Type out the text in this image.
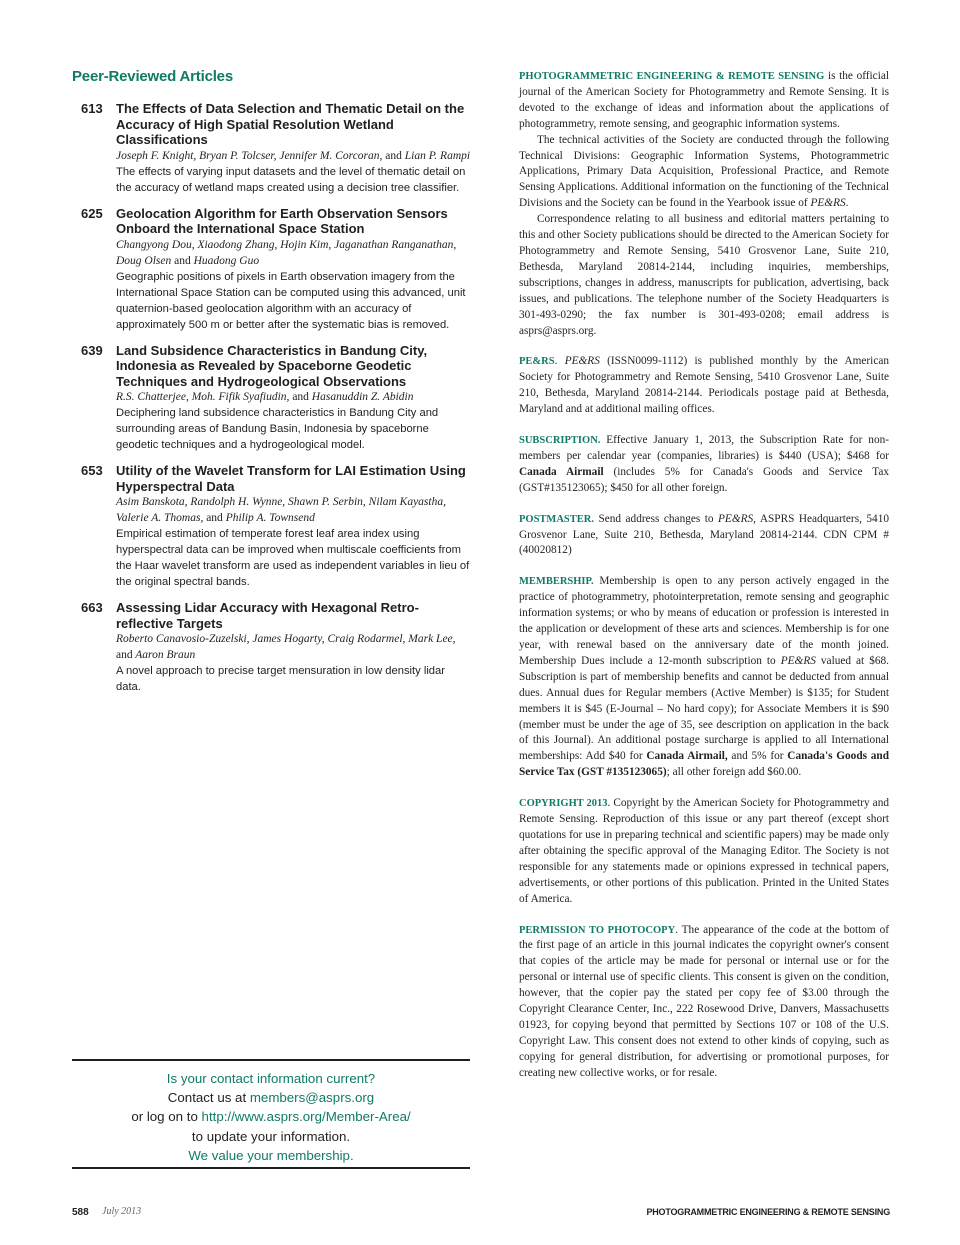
Peer-Reviewed Articles
613 The Effects of Data Selection and Thematic Detail on the Accuracy of High Spatial Resolution Wetland Classifications
Joseph F. Knight, Bryan P. Tolcser, Jennifer M. Corcoran, and Lian P. Rampi
The effects of varying input datasets and the level of thematic detail on the accuracy of wetland maps created using a decision tree classifier.
625 Geolocation Algorithm for Earth Observation Sensors Onboard the International Space Station
Changyong Dou, Xiaodong Zhang, Hojin Kim, Jaganathan Ranganathan, Doug Olsen and Huadong Guo
Geographic positions of pixels in Earth observation imagery from the International Space Station can be computed using this advanced, unit quaternion-based geolocation algorithm with an accuracy of approximately 500 m or better after the systematic bias is removed.
639 Land Subsidence Characteristics in Bandung City, Indonesia as Revealed by Spaceborne Geodetic Techniques and Hydrogeological Observations
R.S. Chatterjee, Moh. Fifik Syafiudin, and Hasanuddin Z. Abidin
Deciphering land subsidence characteristics in Bandung City and surrounding areas of Bandung Basin, Indonesia by spaceborne geodetic techniques and a hydrogeological model.
653 Utility of the Wavelet Transform for LAI Estimation Using Hyperspectral Data
Asim Banskota, Randolph H. Wynne, Shawn P. Serbin, Nilam Kayastha, Valerie A. Thomas, and Philip A. Townsend
Empirical estimation of temperate forest leaf area index using hyperspectral data can be improved when multiscale coefficients from the Haar wavelet transform are used as independent variables in lieu of the original spectral bands.
663 Assessing Lidar Accuracy with Hexagonal Retro-reflective Targets
Roberto Canavosio-Zuzelski, James Hogarty, Craig Rodarmel, Mark Lee, and Aaron Braun
A novel approach to precise target mensuration in low density lidar data.
Is your contact information current?
Contact us at members@asprs.org
or log on to http://www.asprs.org/Member-Area/
to update your information.
We value your membership.

PHOTOGRAMMETRIC ENGINEERING & REMOTE SENSING is the official journal of the American Society for Photogrammetry and Remote Sensing. It is devoted to the exchange of ideas and information about the applications of photogrammetry, remote sensing, and geographic information systems.

The technical activities of the Society are conducted through the following Technical Divisions: Geographic Information Systems, Photogrammetric Applications, Primary Data Acquisition, Professional Practice, and Remote Sensing Applications. Additional information on the functioning of the Technical Divisions and the Society can be found in the Yearbook issue of PE&RS.

Correspondence relating to all business and editorial matters pertaining to this and other Society publications should be directed to the American Society for Photogrammetry and Remote Sensing, 5410 Grosvenor Lane, Suite 210, Bethesda, Maryland 20814-2144, including inquiries, memberships, subscriptions, changes in address, manuscripts for publication, advertising, back issues, and publications. The telephone number of the Society Headquarters is 301-493-0290; the fax number is 301-493-0208; email address is asprs@asprs.org.

PE&RS. PE&RS (ISSN0099-1112) is published monthly by the American Society for Photogrammetry and Remote Sensing, 5410 Grosvenor Lane, Suite 210, Bethesda, Maryland 20814-2144. Periodicals postage paid at Bethesda, Maryland and at additional mailing offices.

SUBSCRIPTION. Effective January 1, 2013, the Subscription Rate for non-members per calendar year (companies, libraries) is $440 (USA); $468 for Canada Airmail (includes 5% for Canada's Goods and Service Tax (GST#135123065); $450 for all other foreign.

POSTMASTER. Send address changes to PE&RS, ASPRS Headquarters, 5410 Grosvenor Lane, Suite 210, Bethesda, Maryland 20814-2144. CDN CPM #(40020812)

MEMBERSHIP. Membership is open to any person actively engaged in the practice of photogrammetry, photointerpretation, remote sensing and geographic information systems; or who by means of education or profession is interested in the application or development of these arts and sciences. Membership is for one year, with renewal based on the anniversary date of the month joined. Membership Dues include a 12-month subscription to PE&RS valued at $68. Subscription is part of membership benefits and cannot be deducted from annual dues. Annual dues for Regular members (Active Member) is $135; for Student members it is $45 (E-Journal – No hard copy); for Associate Members it is $90 (member must be under the age of 35, see description on application in the back of this Journal). An additional postage surcharge is applied to all International memberships: Add $40 for Canada Airmail, and 5% for Canada's Goods and Service Tax (GST #135123065); all other foreign add $60.00.

COPYRIGHT 2013. Copyright by the American Society for Photogrammetry and Remote Sensing. Reproduction of this issue or any part thereof (except short quotations for use in preparing technical and scientific papers) may be made only after obtaining the specific approval of the Managing Editor. The Society is not responsible for any statements made or opinions expressed in technical papers, advertisements, or other portions of this publication. Printed in the United States of America.

PERMISSION TO PHOTOCOPY. The appearance of the code at the bottom of the first page of an article in this journal indicates the copyright owner's consent that copies of the article may be made for personal or internal use or for the personal or internal use of specific clients. This consent is given on the condition, however, that the copier pay the stated per copy fee of $3.00 through the Copyright Clearance Center, Inc., 222 Rosewood Drive, Danvers, Massachusetts 01923, for copying beyond that permitted by Sections 107 or 108 of the U.S. Copyright Law. This consent does not extend to other kinds of copying, such as copying for general distribution, for advertising or promotional purposes, for creating new collective works, or for resale.

588 July 2013	PHOTOGRAMMETRIC ENGINEERING & REMOTE SENSING
